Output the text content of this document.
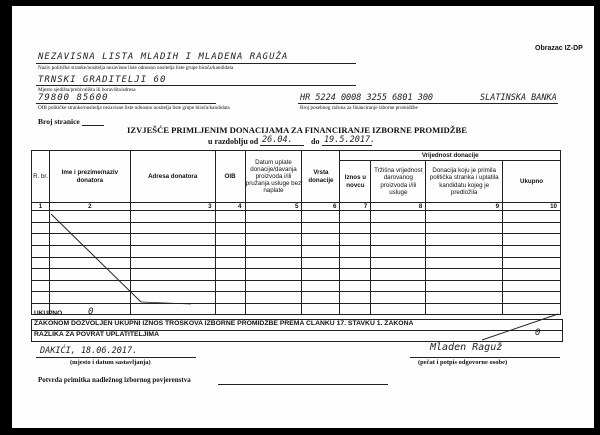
Obrazac IZ-DP
NEZAVISNA LISTA MLADIH I MLADENA RAGUŽA
Naziv političke stranke/nositelja nezavisne liste odnosno nositelja liste grupe birača/kandidata
TRNSKI GRADITELJI 60
Mjesto sjedišta/prebivališta ili boravišta/adresa
79800 85600
OIB političke stranke/nositelja nezavisne liste odnosno nositelja liste grupe birača/kandidata
HR 5224 0008 3255 6801 300	SLATINSKA BANKA
Broj posebnog računa za financiranje izborne promidžbe
Broj stranice
IZVJEŠĆE PRIMLJENIM DONACIJAMA ZA FINANCIRANJE IZBORNE PROMIDŽBE
u razdoblju od 26.04. do 19.5.2017.
R. br.	Ime i prezime/naziv donatora	Adresa donatora	OIB	Datum uplate donacije/davanja proizvoda i/ili pružanja usluge bez naplate	Vrsta donacije	Vrijednost donacije			
						Iznos u novcu	Tržišna vrijednost darovanog proizvoda i/ili usluge	Donacija koju je primila politička stranka i uplatila kandidatu kojeg je predložila	Ukupno
1	2	3	4	5	6	7	8	9	10

UKUPNO	0
ZAKONOM DOZVOLJEN UKUPNI IZNOS TROŠKOVA IZBORNE PROMIDŽBE PREMA ČLANKU 17. STAVKU 1. ZAKONA
RAZLIKA ZA POVRAT UPLATITELJIMA	0
DAKIĆI, 18.06.2017.
(mjesto i datum sastavljanja)
Mladen Raguž
(pečat i potpis odgovorne osobe)
Potvrda primitka nadležnog izbornog povjerenstva
